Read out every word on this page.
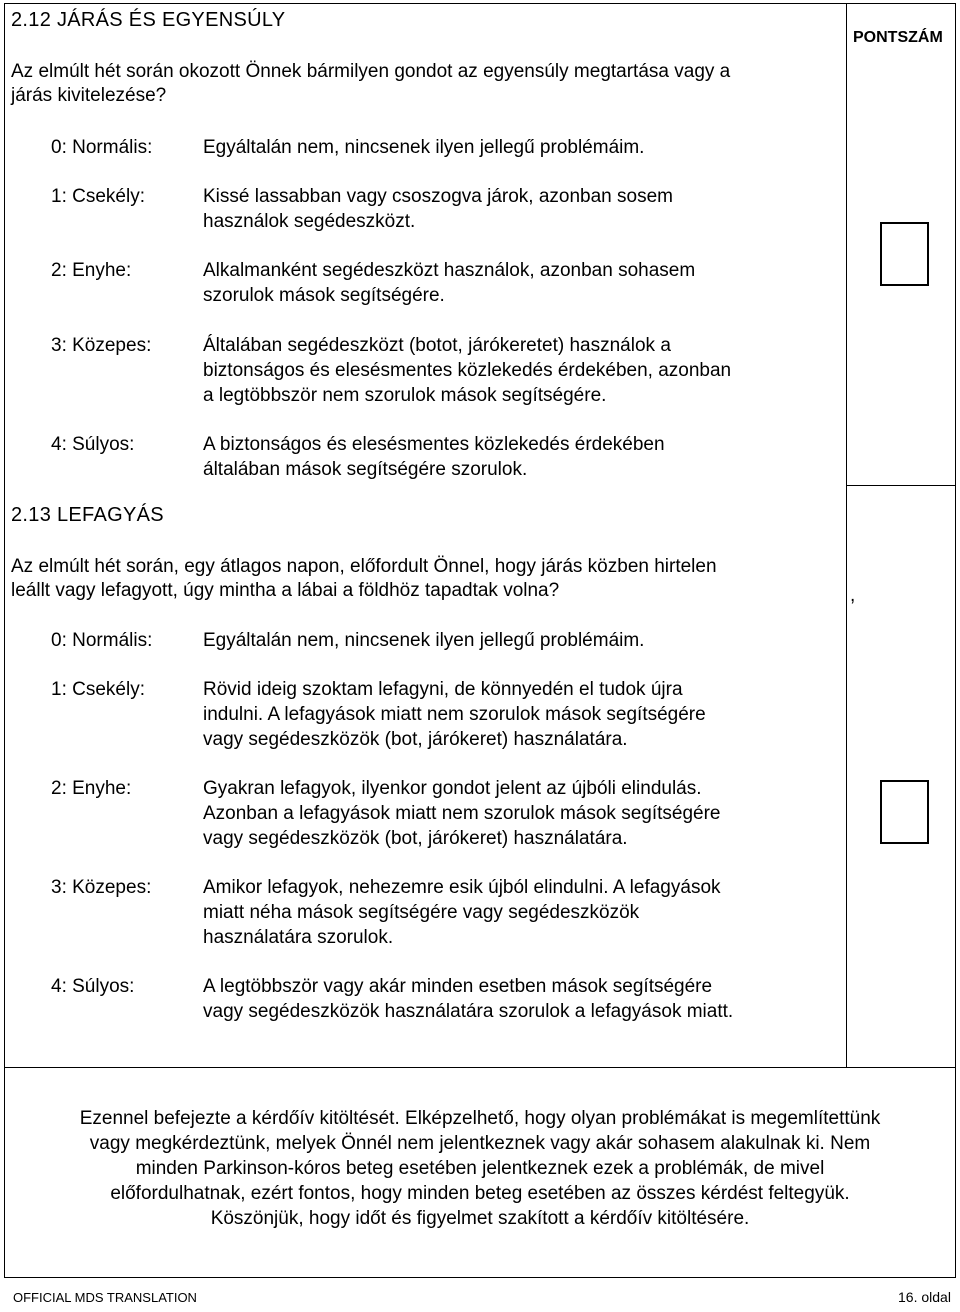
PONTSZÁM
2.12 JÁRÁS ÉS EGYENSÚLY
Az elmúlt hét során okozott Önnek bármilyen gondot az egyensúly megtartása vagy a
járás kivitelezése?
0: Normális:	Egyáltalán nem, nincsenek ilyen jellegű problémáim.
1: Csekély:	Kissé lassabban vagy csoszogva járok, azonban sosem
használok segédeszközt.
2: Enyhe:	Alkalmanként segédeszközt használok, azonban sohasem
szorulok mások segítségére.
3: Közepes:	Általában segédeszközt (botot, járókeretet) használok a
biztonságos és elesésmentes közlekedés érdekében, azonban
a legtöbbször nem szorulok mások segítségére.
4: Súlyos:	A biztonságos és elesésmentes közlekedés érdekében
általában mások segítségére szorulok.
2.13 LEFAGYÁS
Az elmúlt hét során, egy átlagos napon, előfordult Önnel, hogy járás közben hirtelen
leállt vagy lefagyott, úgy mintha a lábai a földhöz tapadtak volna?	,
0: Normális:	Egyáltalán nem, nincsenek ilyen jellegű problémáim.
1: Csekély:	Rövid ideig szoktam lefagyni, de könnyedén el tudok újra
indulni. A lefagyások miatt nem szorulok mások segítségére
vagy segédeszközök (bot, járókeret) használatára.
2: Enyhe:	Gyakran lefagyok, ilyenkor gondot jelent az újbóli elindulás.
Azonban a lefagyások miatt nem szorulok mások segítségére
vagy segédeszközök (bot, járókeret) használatára.
3: Közepes:	Amikor lefagyok, nehezemre esik újból elindulni. A lefagyások
miatt néha mások segítségére vagy segédeszközök
használatára szorulok.
4: Súlyos:	A legtöbbször vagy akár minden esetben mások segítségére
vagy segédeszközök használatára szorulok a lefagyások miatt.
Ezennel befejezte a kérdőív kitöltését. Elképzelhető, hogy olyan problémákat is megemlítettünk
vagy megkérdeztünk, melyek Önnél nem jelentkeznek vagy akár sohasem alakulnak ki. Nem
minden Parkinson-kóros beteg esetében jelentkeznek ezek a problémák, de mivel
előfordulhatnak, ezért fontos, hogy minden beteg esetében az összes kérdést feltegyük.
Köszönjük, hogy időt és figyelmet szakított a kérdőív kitöltésére.
OFFICIAL MDS TRANSLATION	16. oldal
